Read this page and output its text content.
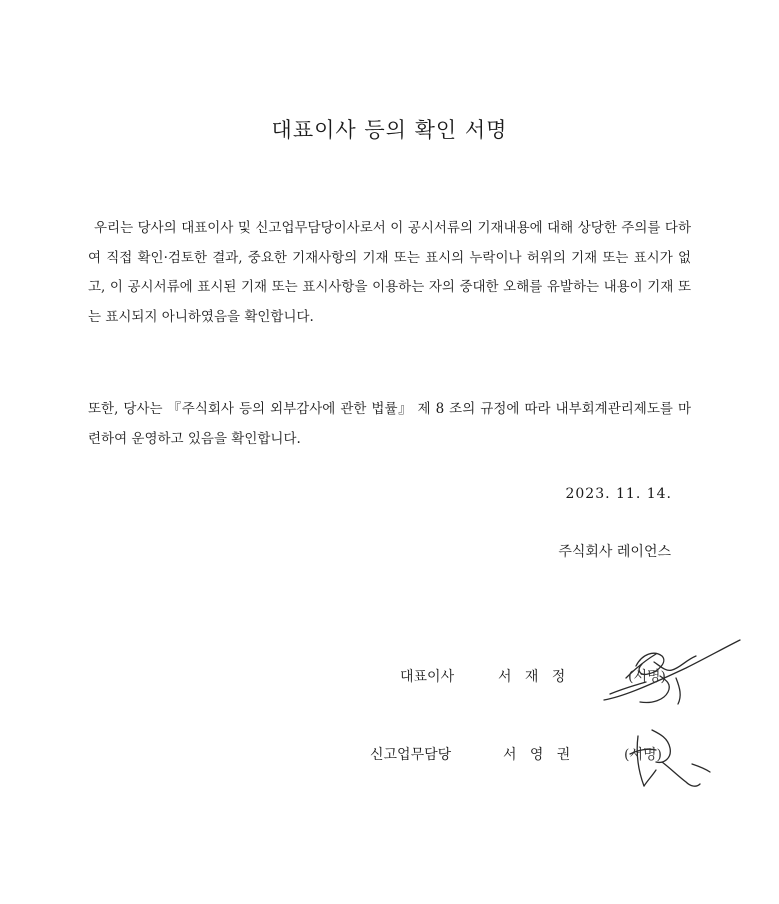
대표이사 등의 확인 서명

우리는 당사의 대표이사 및 신고업무담당이사로서 이 공시서류의 기재내용에 대해 상당한 주의를 다하여 직접 확인·검토한 결과, 중요한 기재사항의 기재 또는 표시의 누락이나 허위의 기재 또는 표시가 없고, 이 공시서류에 표시된 기재 또는 표시사항을 이용하는 자의 중대한 오해를 유발하는 내용이 기재 또는 표시되지 아니하였음을 확인합니다.

또한, 당사는 『주식회사 등의 외부감사에 관한 법률』 제 8 조의 규정에 따라 내부회계관리제도를 마련하여 운영하고 있음을 확인합니다.

2023. 11. 14.

주식회사 레이언스

대표이사	서   재   정	(서명)
신고업무담당	서   영   권	(서명)
